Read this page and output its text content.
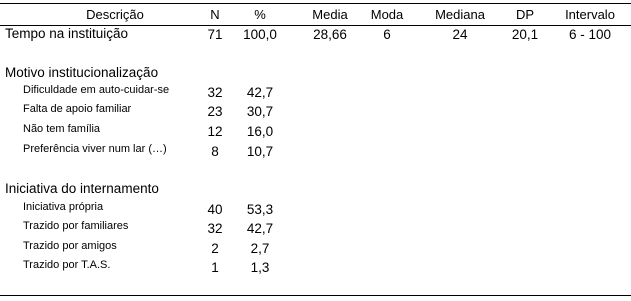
Descrição	N	%	Media	Moda	Mediana	DP	Intervalo
Tempo na instituição	71	100,0	28,66	6	24	20,1	6 - 100
Motivo institucionalização
Dificuldade em auto-cuidar-se	32	42,7
Falta de apoio familiar	23	30,7
Não tem família	12	16,0
Preferência viver num lar (…)	8	10,7
Iniciativa do internamento
Iniciativa própria	40	53,3
Trazido por familiares	32	42,7
Trazido por amigos	2	2,7
Trazido por T.A.S.	1	1,3
